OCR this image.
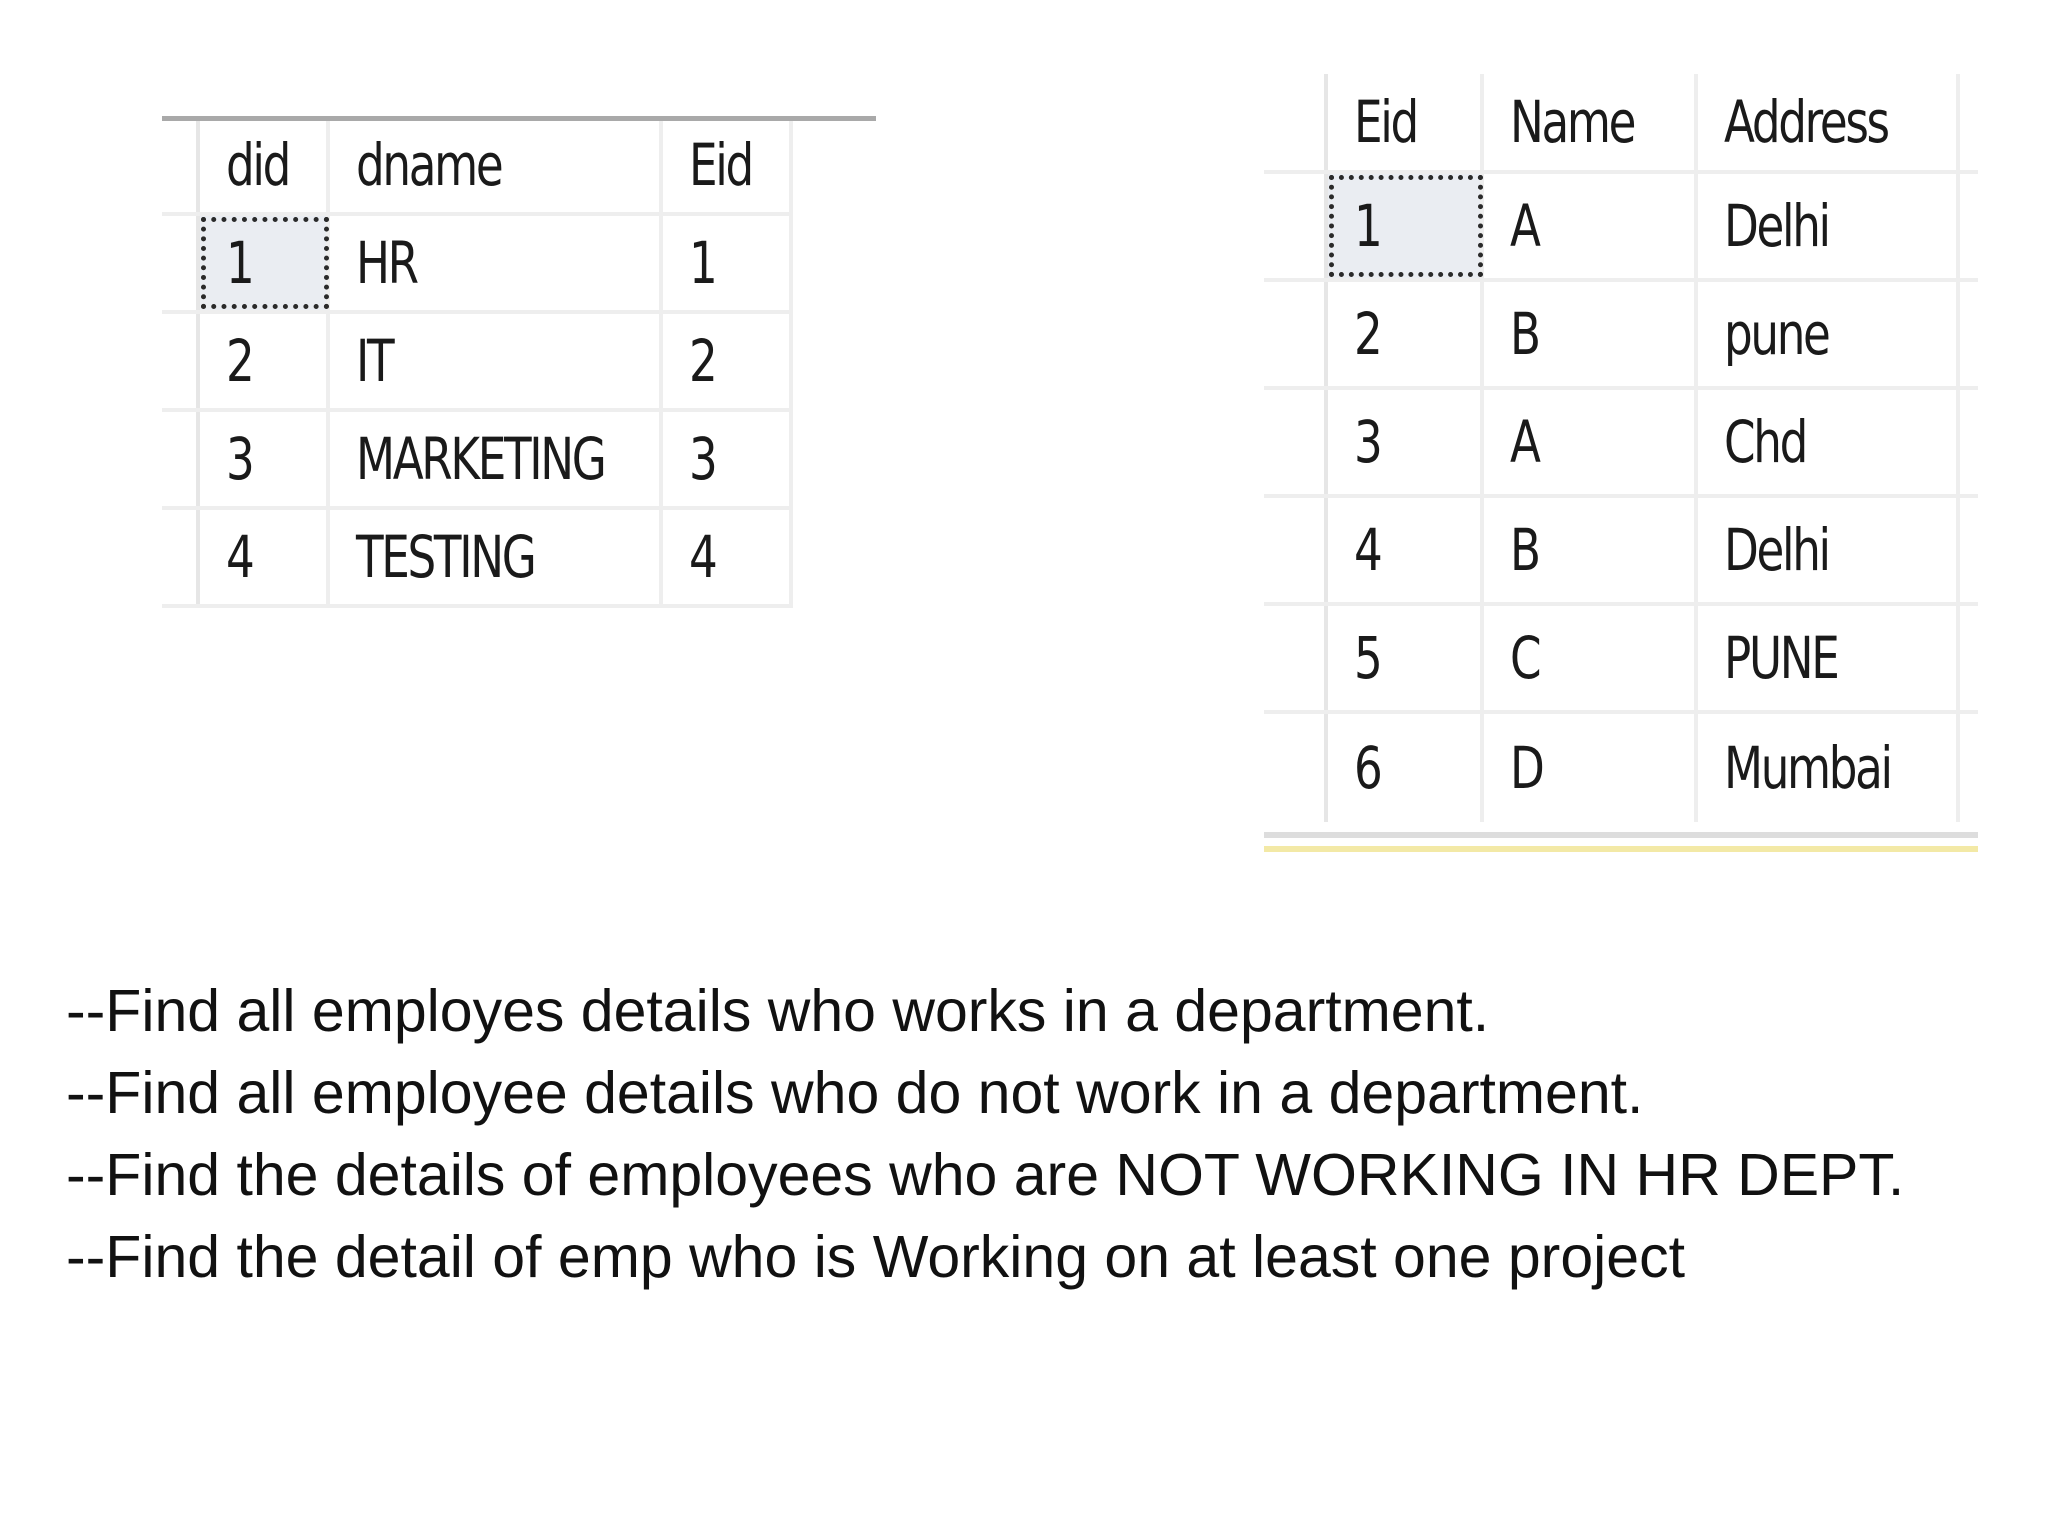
did dname	Eid
1 HR	1
2 IT	2
3 MARKETING 3
4 TESTING	4
Eid Name Address
1 A	Delhi
2 B	pune
3 A	Chd
4 B	Delhi
5 C	PUNE
6 D	Mumbai
--Find all employes details who works in a department.
--Find all employee details who do not work in a department.
--Find the details of employees who are NOT WORKING IN HR DEPT.
--Find the detail of emp who is Working on at least one project
